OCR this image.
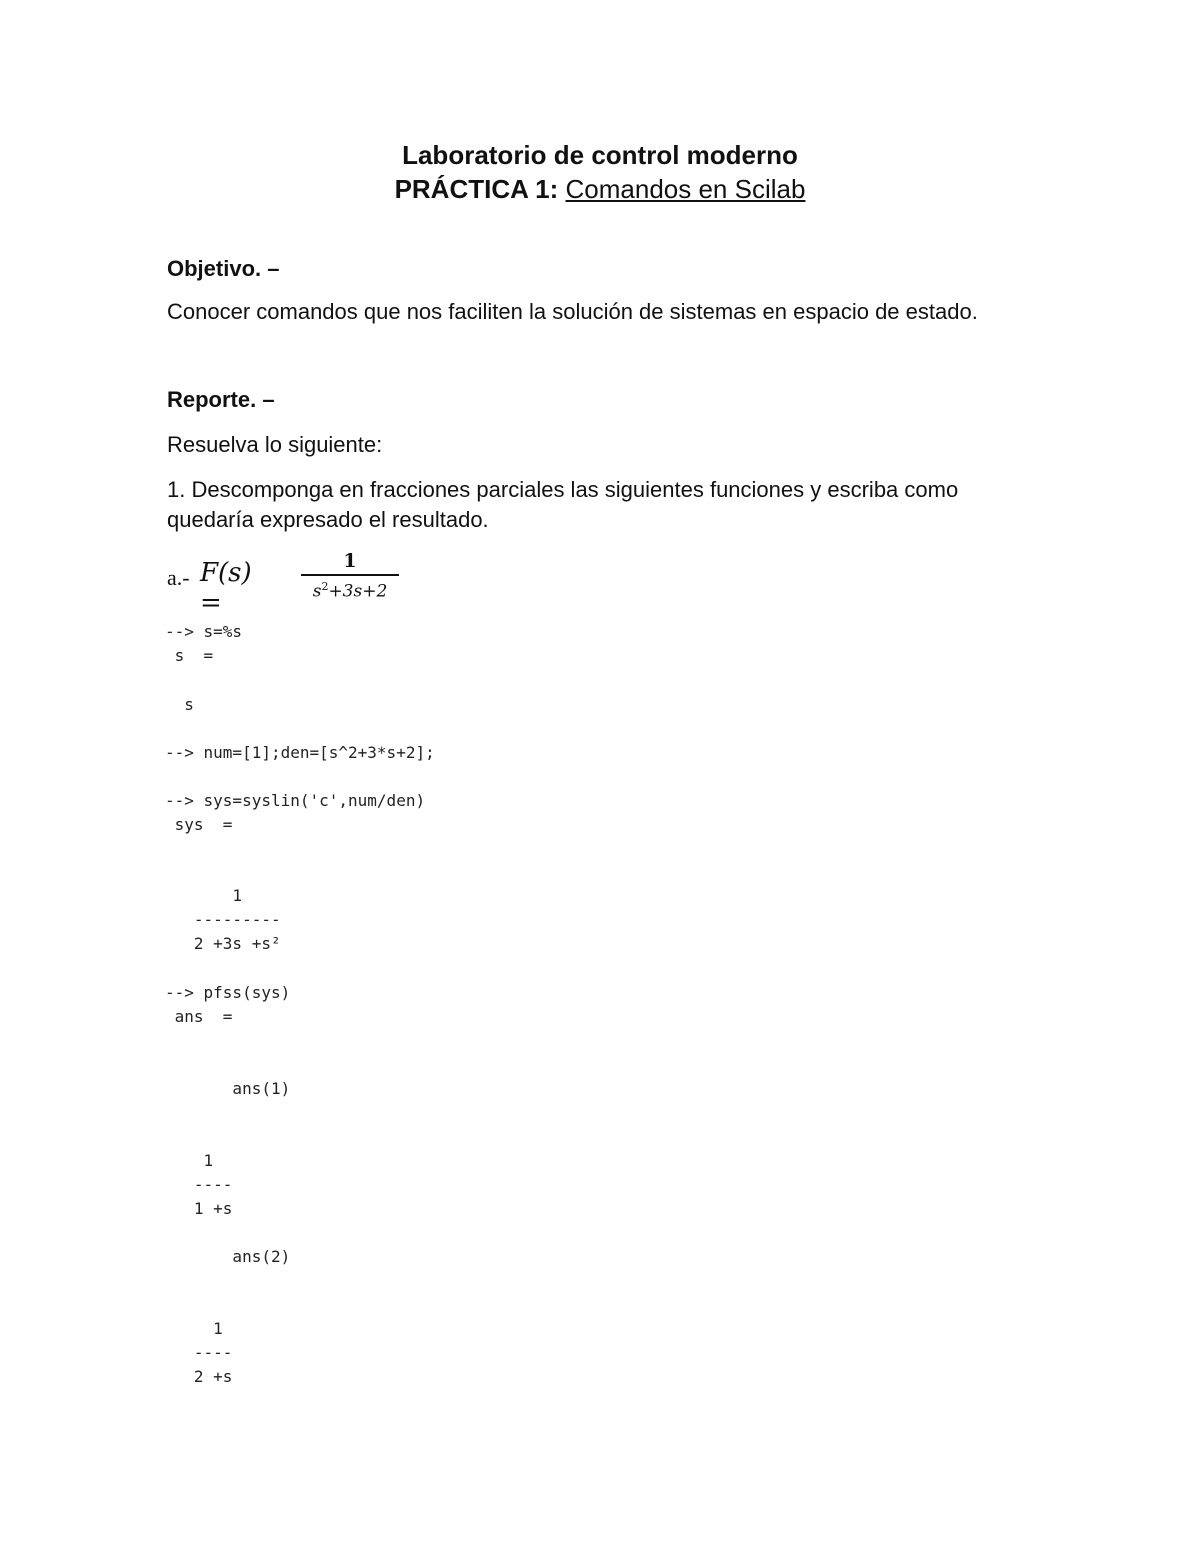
Laboratorio de control moderno
PRÁCTICA 1: Comandos en Scilab
Objetivo. –
Conocer comandos que nos faciliten la solución de sistemas en espacio de estado.
Reporte. –
Resuelva lo siguiente:
1. Descomponga en fracciones parciales las siguientes funciones y escriba como quedaría expresado el resultado.
a.- F(s) =
1
$s^2+3s+2$
--> s=%s
s  =
s
--> num=[1];den=[s^2+3*s+2];
--> sys=syslin('c',num/den)
sys  =
1
---------
2 +3s +s²
--> pfss(sys)
ans  =
ans(1)
1
----
1 +s
ans(2)
1
----
2 +s
